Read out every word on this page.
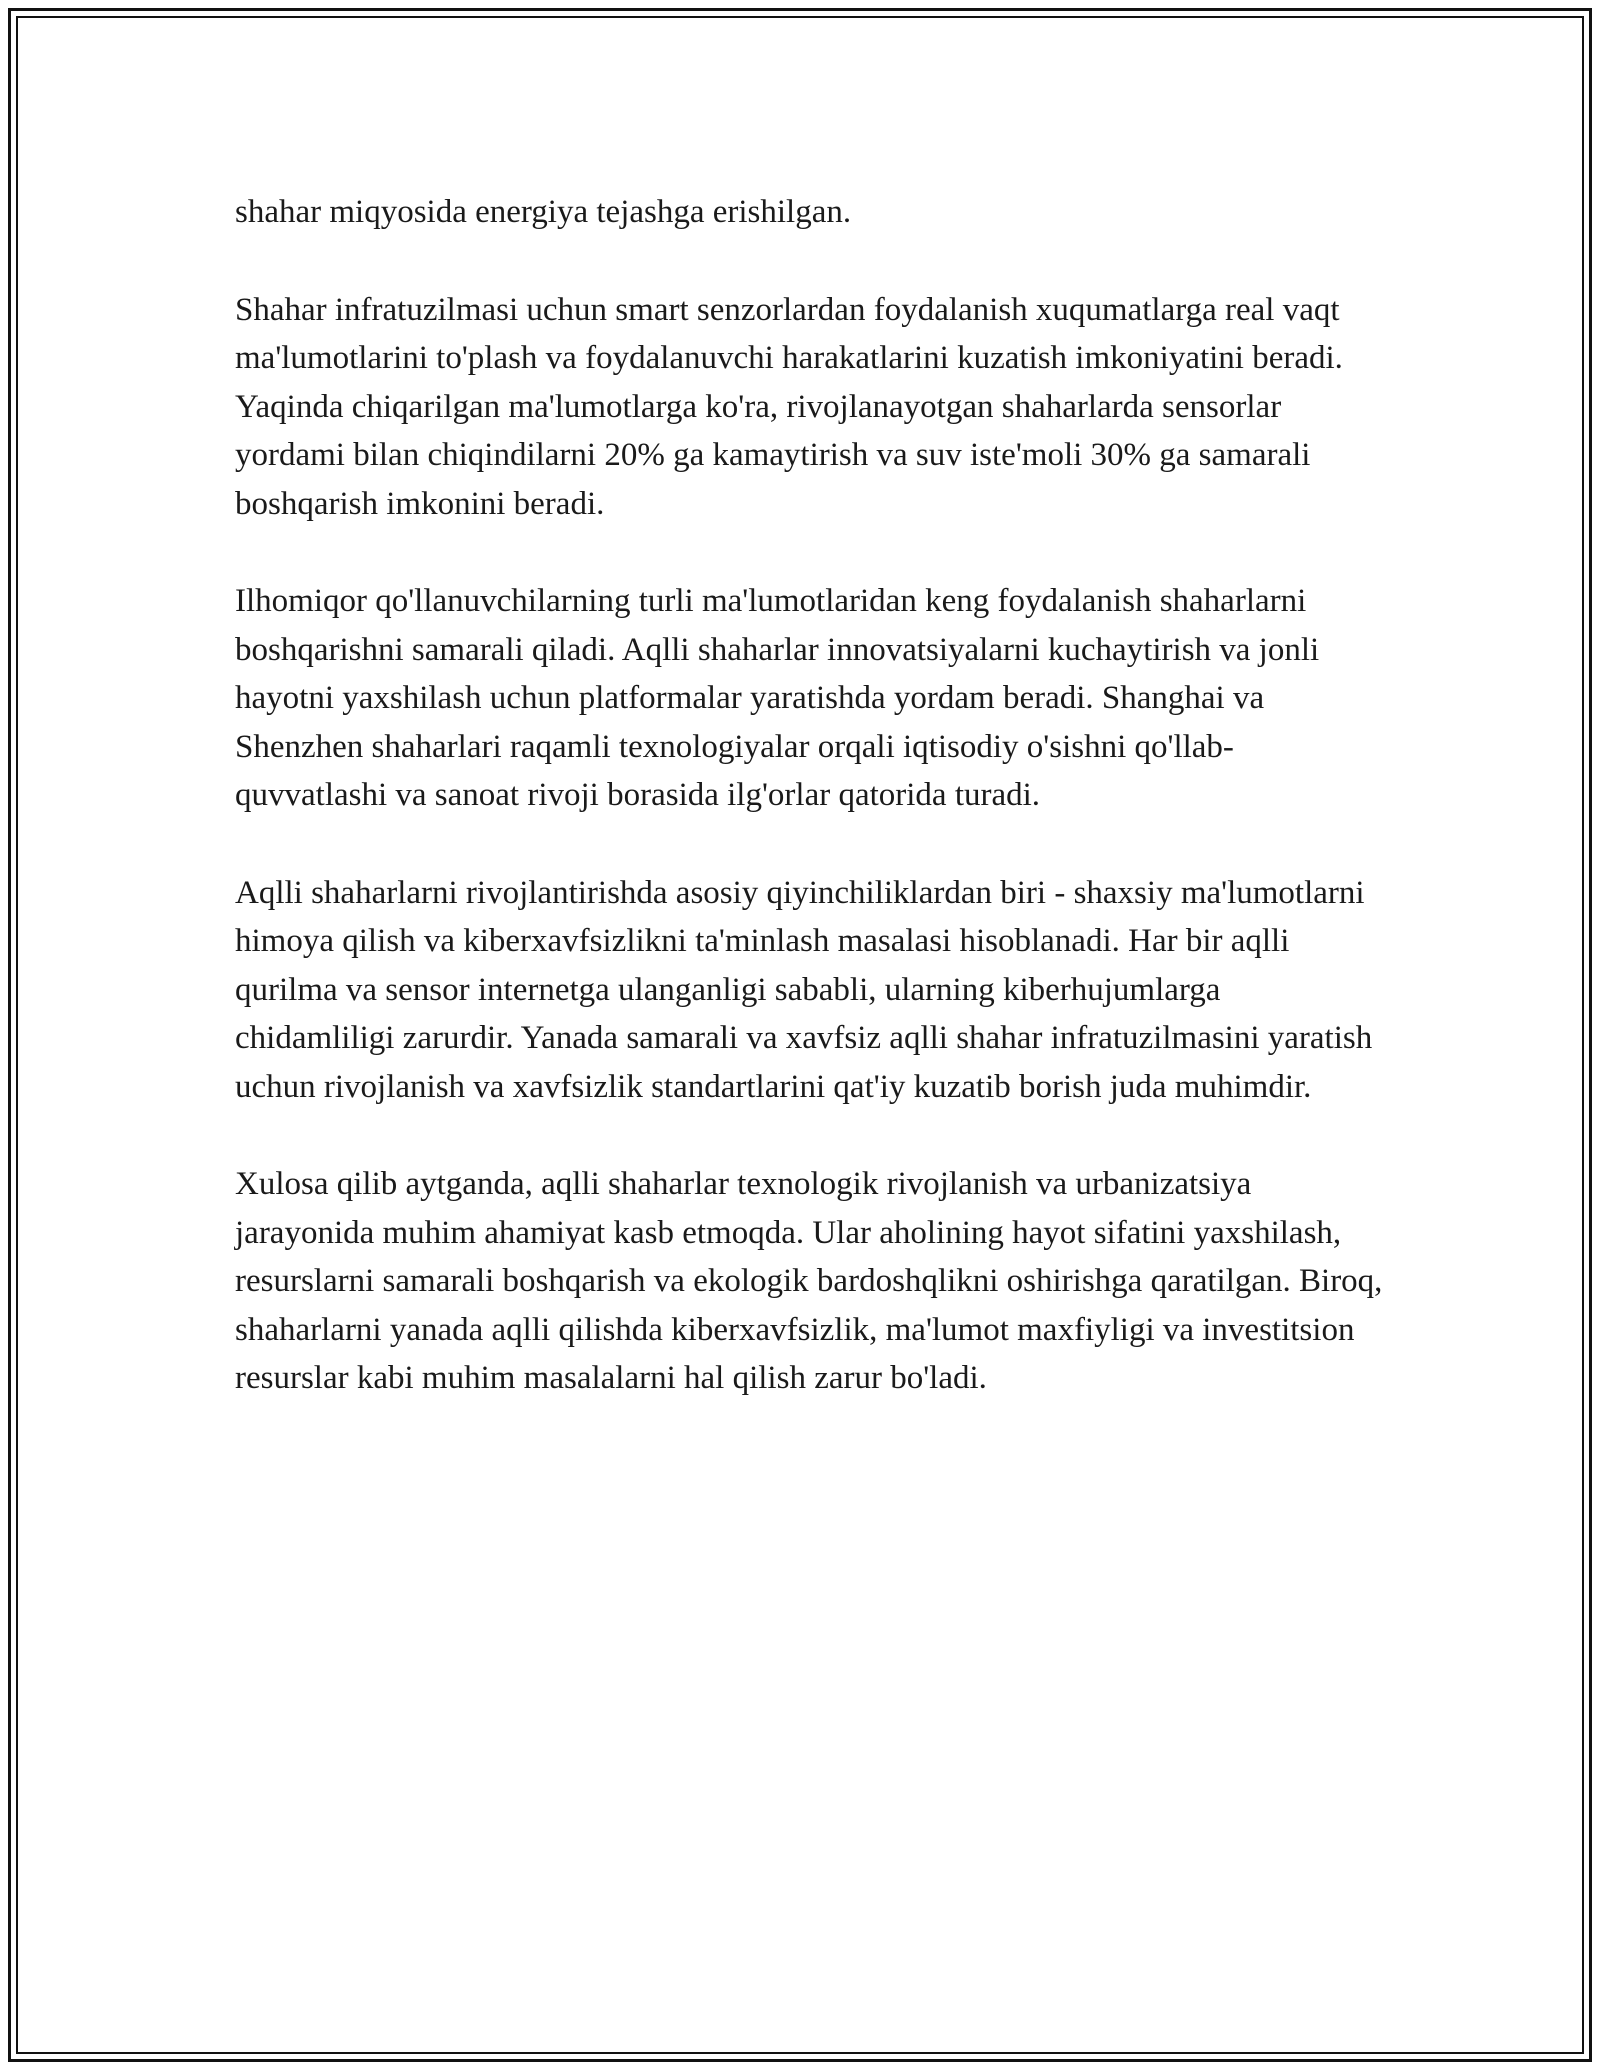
shahar miqyosida energiya tejashga erishilgan.

Shahar infratuzilmasi uchun smart senzorlardan foydalanish xuqumatlarga real vaqt ma'lumotlarini to'plash va foydalanuvchi harakatlarini kuzatish imkoniyatini beradi. Yaqinda chiqarilgan ma'lumotlarga ko'ra, rivojlanayotgan shaharlarda sensorlar yordami bilan chiqindilarni 20% ga kamaytirish va suv iste'moli 30% ga samarali boshqarish imkonini beradi.

Ilhomiqor qo'llanuvchilarning turli ma'lumotlaridan keng foydalanish shaharlarni boshqarishni samarali qiladi. Aqlli shaharlar innovatsiyalarni kuchaytirish va jonli hayotni yaxshilash uchun platformalar yaratishda yordam beradi. Shanghai va Shenzhen shaharlari raqamli texnologiyalar orqali iqtisodiy o'sishni qo'llab-quvvatlashi va sanoat rivoji borasida ilg'orlar qatorida turadi.

Aqlli shaharlarni rivojlantirishda asosiy qiyinchiliklardan biri - shaxsiy ma'lumotlarni himoya qilish va kiberxavfsizlikni ta'minlash masalasi hisoblanadi. Har bir aqlli qurilma va sensor internetga ulanganligi sababli, ularning kiberhujumlarga chidamliligi zarurdir. Yanada samarali va xavfsiz aqlli shahar infratuzilmasini yaratish uchun rivojlanish va xavfsizlik standartlarini qat'iy kuzatib borish juda muhimdir.

Xulosa qilib aytganda, aqlli shaharlar texnologik rivojlanish va urbanizatsiya jarayonida muhim ahamiyat kasb etmoqda. Ular aholining hayot sifatini yaxshilash, resurslarni samarali boshqarish va ekologik bardoshqlikni oshirishga qaratilgan. Biroq, shaharlarni yanada aqlli qilishda kiberxavfsizlik, ma'lumot maxfiyligi va investitsion resurslar kabi muhim masalalarni hal qilish zarur bo'ladi.
